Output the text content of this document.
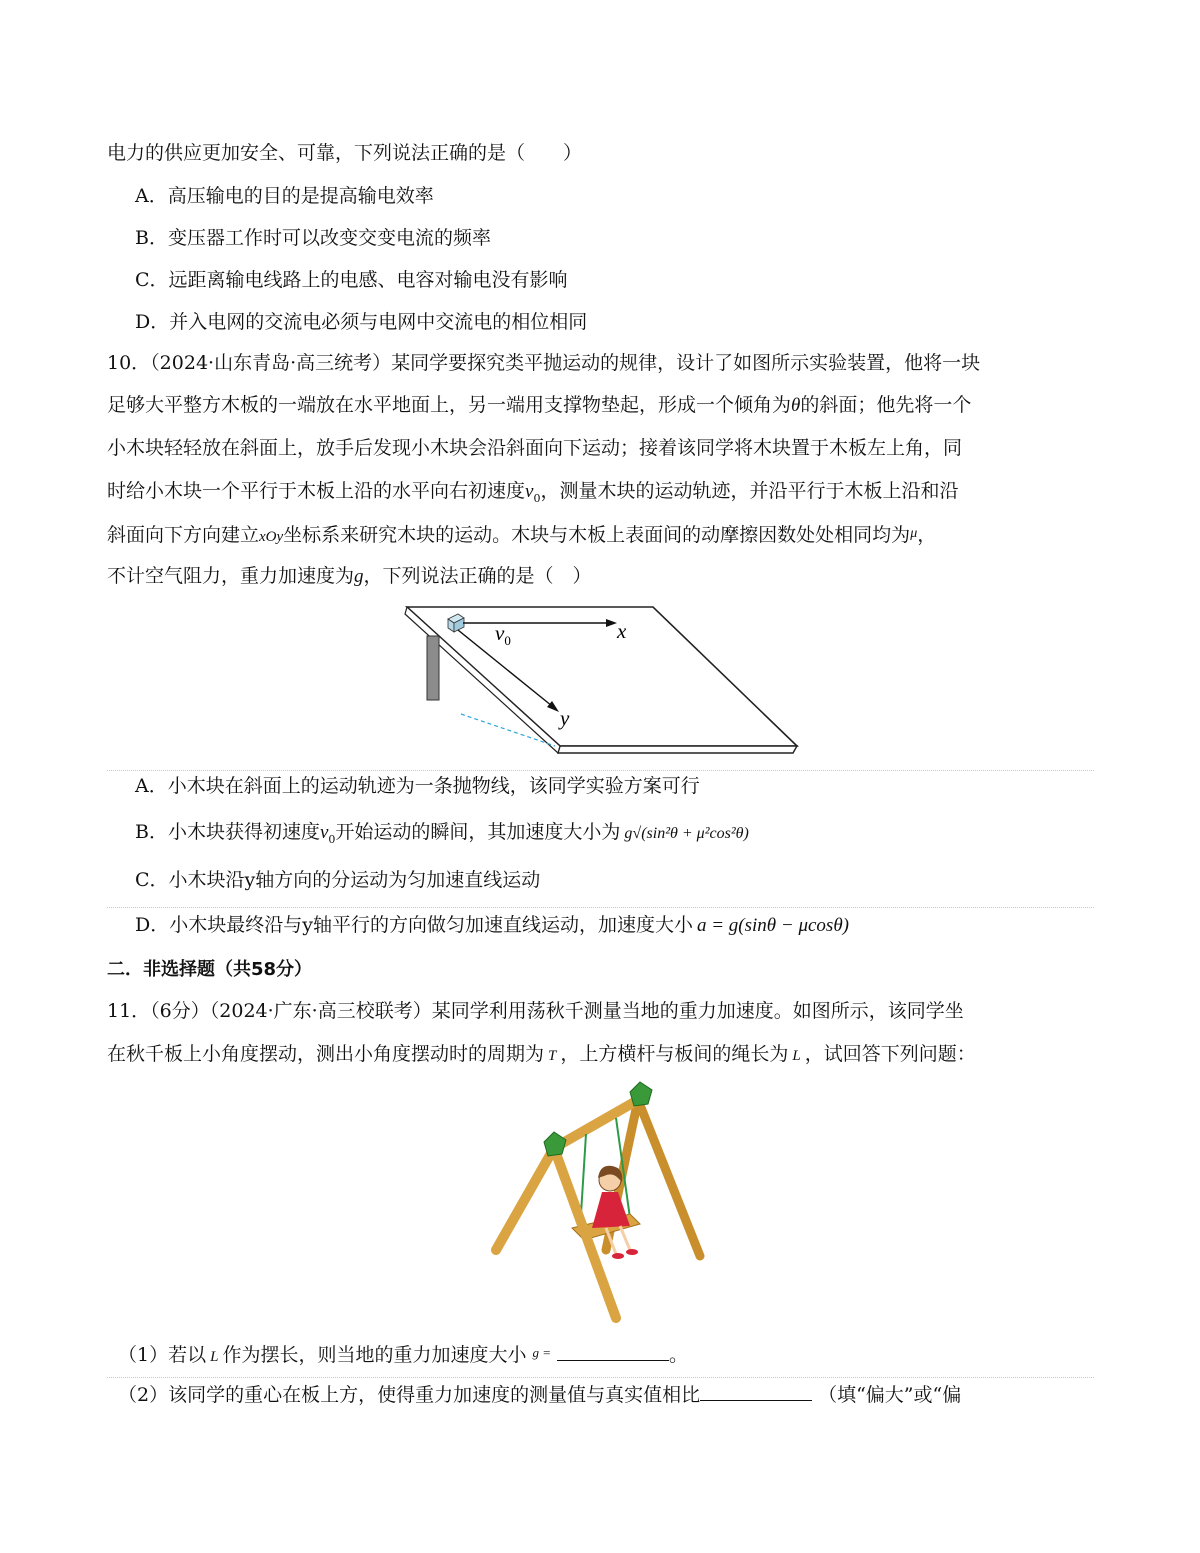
电力的供应更加安全、可靠，下列说法正确的是（　　）
A．高压输电的目的是提高输电效率
B．变压器工作时可以改变交变电流的频率
C．远距离输电线路上的电感、电容对输电没有影响
D．并入电网的交流电必须与电网中交流电的相位相同
10．（2024·山东青岛·高三统考）某同学要探究类平抛运动的规律，设计了如图所示实验装置，他将一块
足够大平整方木板的一端放在水平地面上，另一端用支撑物垫起，形成一个倾角为θ的斜面；他先将一个
小木块轻轻放在斜面上，放手后发现小木块会沿斜面向下运动；接着该同学将木块置于木板左上角，同
时给小木块一个平行于木板上沿的水平向右初速度$v_0$，测量木块的运动轨迹，并沿平行于木板上沿和沿
斜面向下方向建立xOy坐标系来研究木块的运动。木块与木板上表面间的动摩擦因数处处相同均为$^\mu$，
不计空气阻力，重力加速度为g，下列说法正确的是（　）
$v_0$	x
y
A．小木块在斜面上的运动轨迹为一条抛物线，该同学实验方案可行
B．小木块获得初速度$v_0$开始运动的瞬间，其加速度大小为 g√(sin²θ + μ²cos²θ)
C．小木块沿y轴方向的分运动为匀加速直线运动
D．小木块最终沿与y轴平行的方向做匀加速直线运动，加速度大小 a = g(sinθ − μcosθ)
二．非选择题（共58分）
11．（6分）（2024·广东·高三校联考）某同学利用荡秋千测量当地的重力加速度。如图所示，该同学坐
在秋千板上小角度摆动，测出小角度摆动时的周期为 T ，上方横杆与板间的绳长为 L ，试回答下列问题：
（1）若以 L 作为摆长，则当地的重力加速度大小 $^{g =}$	。
（2）该同学的重心在板上方，使得重力加速度的测量值与真实值相比	（填“偏大”或“偏
